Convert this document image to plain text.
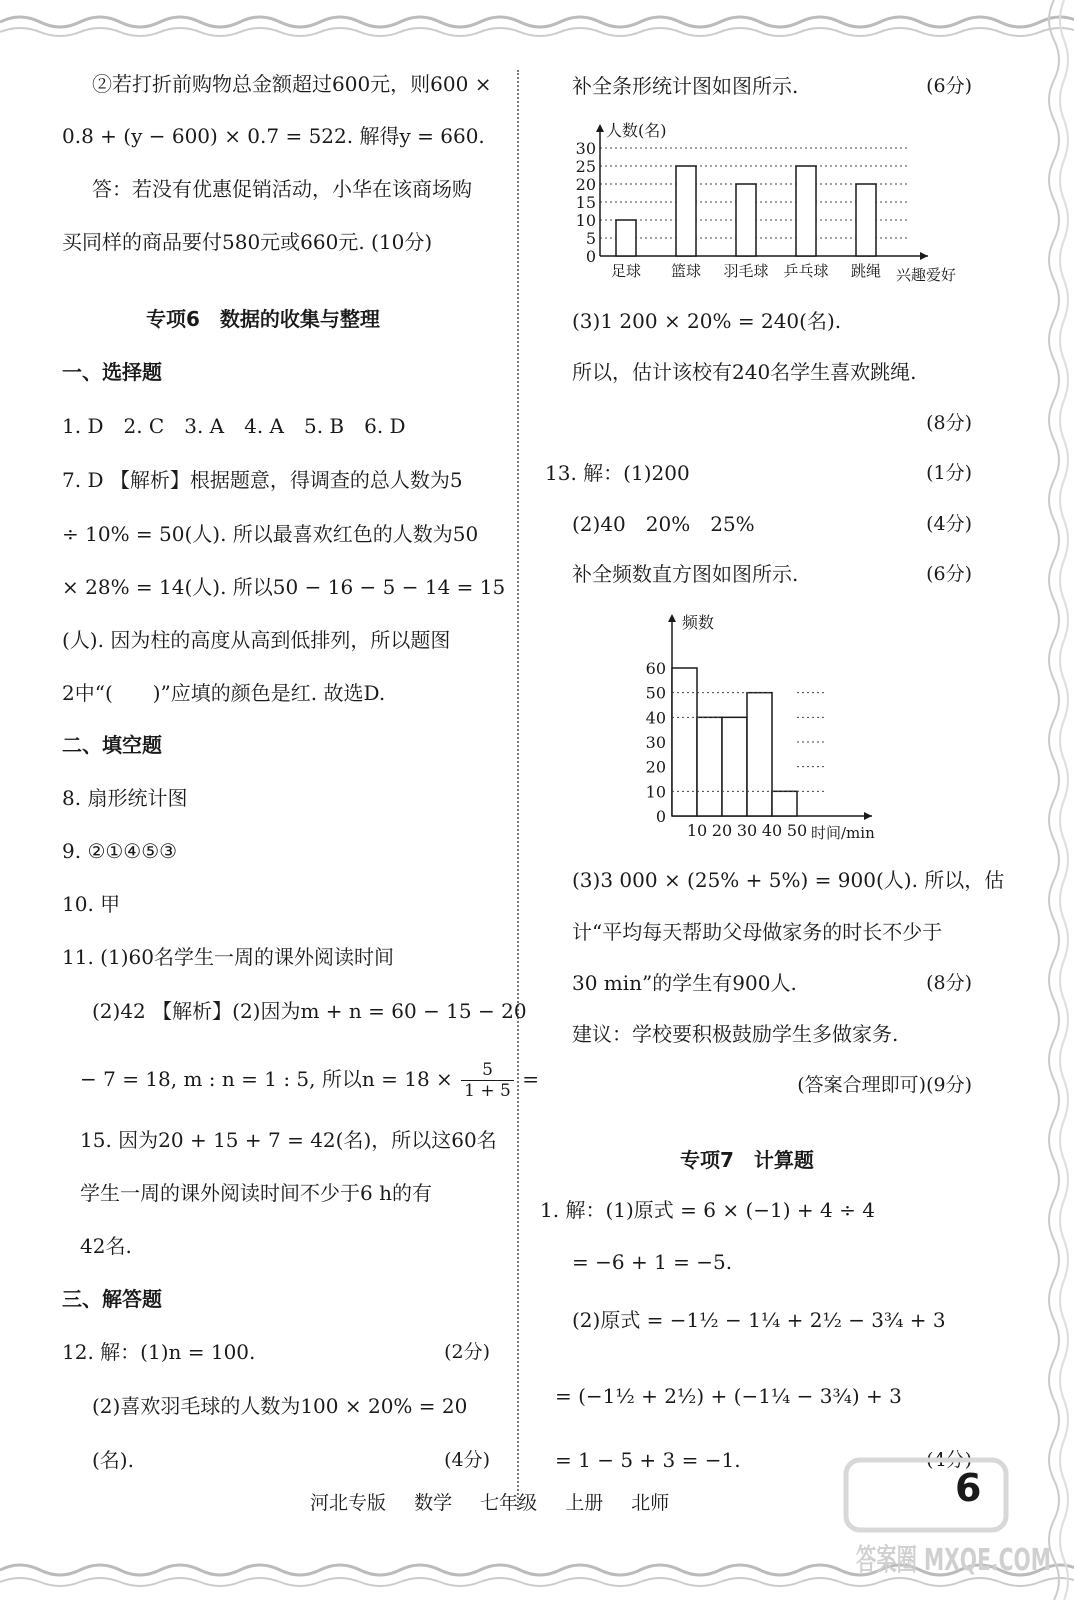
②若打折前购物总金额超过600元，则600 ×
0.8 + (y − 600) × 0.7 = 522. 解得y = 660.
答：若没有优惠促销活动，小华在该商场购
买同样的商品要付580元或660元. (10分)
专项6　数据的收集与整理
一、选择题
1. D　2. C　3. A　4. A　5. B　6. D
7. D 【解析】根据题意，得调查的总人数为5
÷ 10% = 50(人). 所以最喜欢红色的人数为50
× 28% = 14(人). 所以50 − 16 − 5 − 14 = 15
(人). 因为柱的高度从高到低排列，所以题图
2中“(　　)”应填的颜色是红. 故选D.
二、填空题
8. 扇形统计图
9. ②①④⑤③
10. 甲
11. (1)60名学生一周的课外阅读时间
(2)42 【解析】(2)因为m + n = 60 − 15 − 20
− 7 = 18, m : n = 1 : 5, 所以$n = 18 \times \frac{5}{1 + 5}$ =
15. 因为20 + 15 + 7 = 42(名)，所以这60名
学生一周的课外阅读时间不少于6 h的有
42名.
三、解答题
12. 解：(1)n = 100.	(2分)
(2)喜欢羽毛球的人数为100 × 20% = 20
(名).	(4分)
补全条形统计图如图所示.	(6分)
0
5
10
15
20
25
30
人数(名)
兴趣爱好
足球 篮球 羽毛球 乒乓球 跳绳
(3)1 200 × 20% = 240(名).
所以，估计该校有240名学生喜欢跳绳.
(8分)
13. 解：(1)200	(1分)
(2)40　20%　25%	(4分)
补全频数直方图如图所示.	(6分)
频数
0
10
20
30
40
50
60
10 20 30 40 50 时间/min
(3)3 000 × (25% + 5%) = 900(人). 所以，估
计“平均每天帮助父母做家务的时长不少于
30 min”的学生有900人.	(8分)
建议：学校要积极鼓励学生多做家务.
(答案合理即可)(9分)
专项7　计算题
1. 解：(1)原式 = 6 × (−1) + 4 ÷ 4
= −6 + 1 = −5.
(2)原式 = −1½ − 1¼ + 2½ − 3¾ + 3
= (−1½ + 2½) + (−1¼ − 3¾) + 3
= 1 − 5 + 3 = −1.	(4分)
河北专版 数学 七年级 上册 北师
答案圈 MXQE.COM
6
